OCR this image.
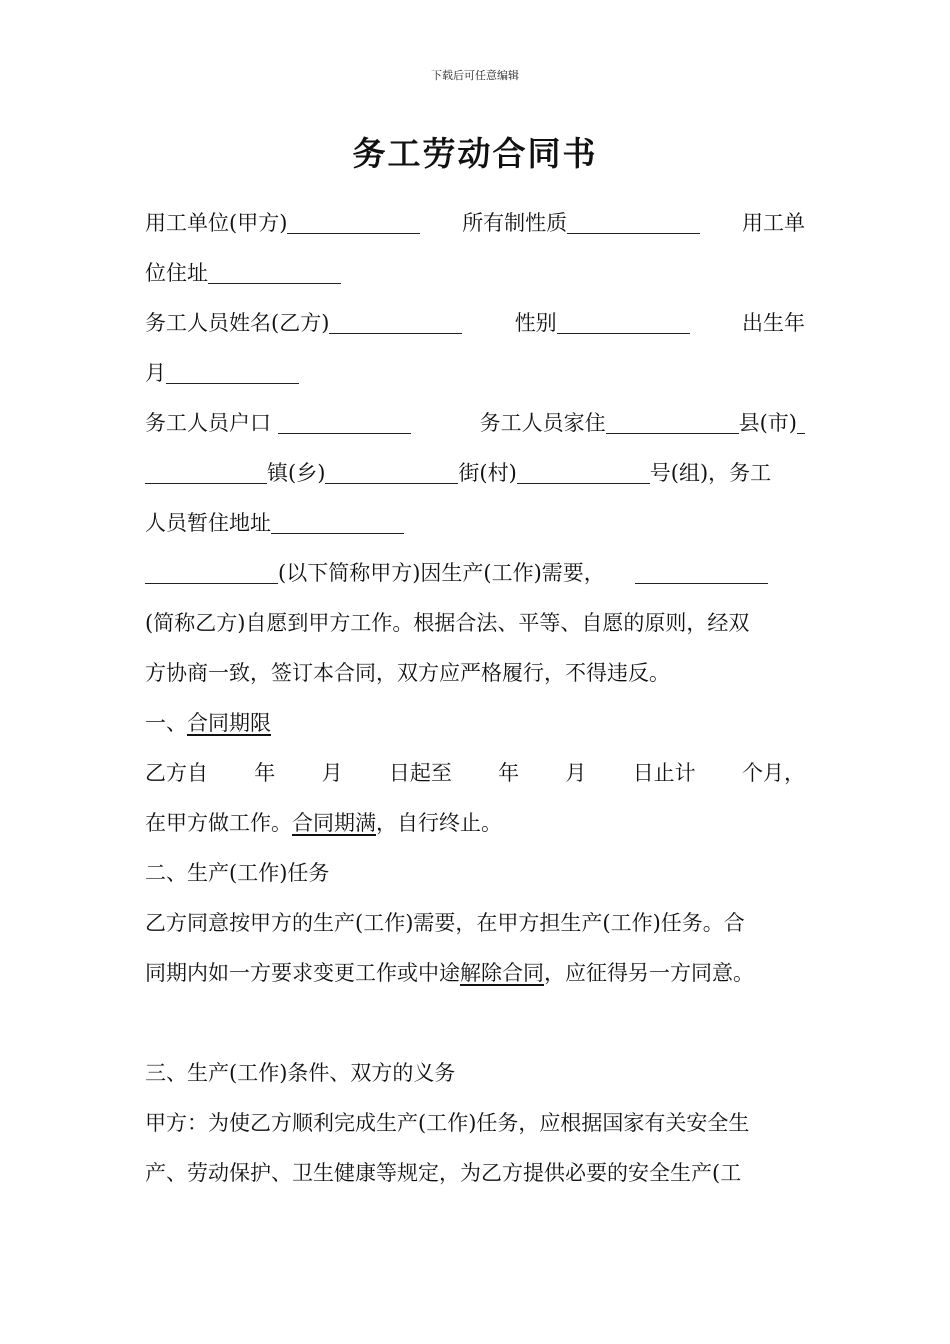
下载后可任意编辑
务工劳动合同书
用工单位(甲方)	所有制性质	用工单
位住址
务工人员姓名(乙方)	性别	出生年
月
务工人员户口	务工人员家住	县(市)
镇(乡)	街(村)	号(组)，务工
人员暂住地址
(以下简称甲方)因生产(工作)需要，
(简称乙方)自愿到甲方工作。根据合法、平等、自愿的原则，经双
方协商一致，签订本合同，双方应严格履行，不得违反。
一、合同期限
乙方自 年 月 日起至 年 月 日止计 个月，
在甲方做工作。合同期满，自行终止。
二、生产(工作)任务
乙方同意按甲方的生产(工作)需要，在甲方担生产(工作)任务。合
同期内如一方要求变更工作或中途解除合同，应征得另一方同意。
三、生产(工作)条件、双方的义务
甲方：为使乙方顺利完成生产(工作)任务，应根据国家有关安全生
产、劳动保护、卫生健康等规定，为乙方提供必要的安全生产(工
